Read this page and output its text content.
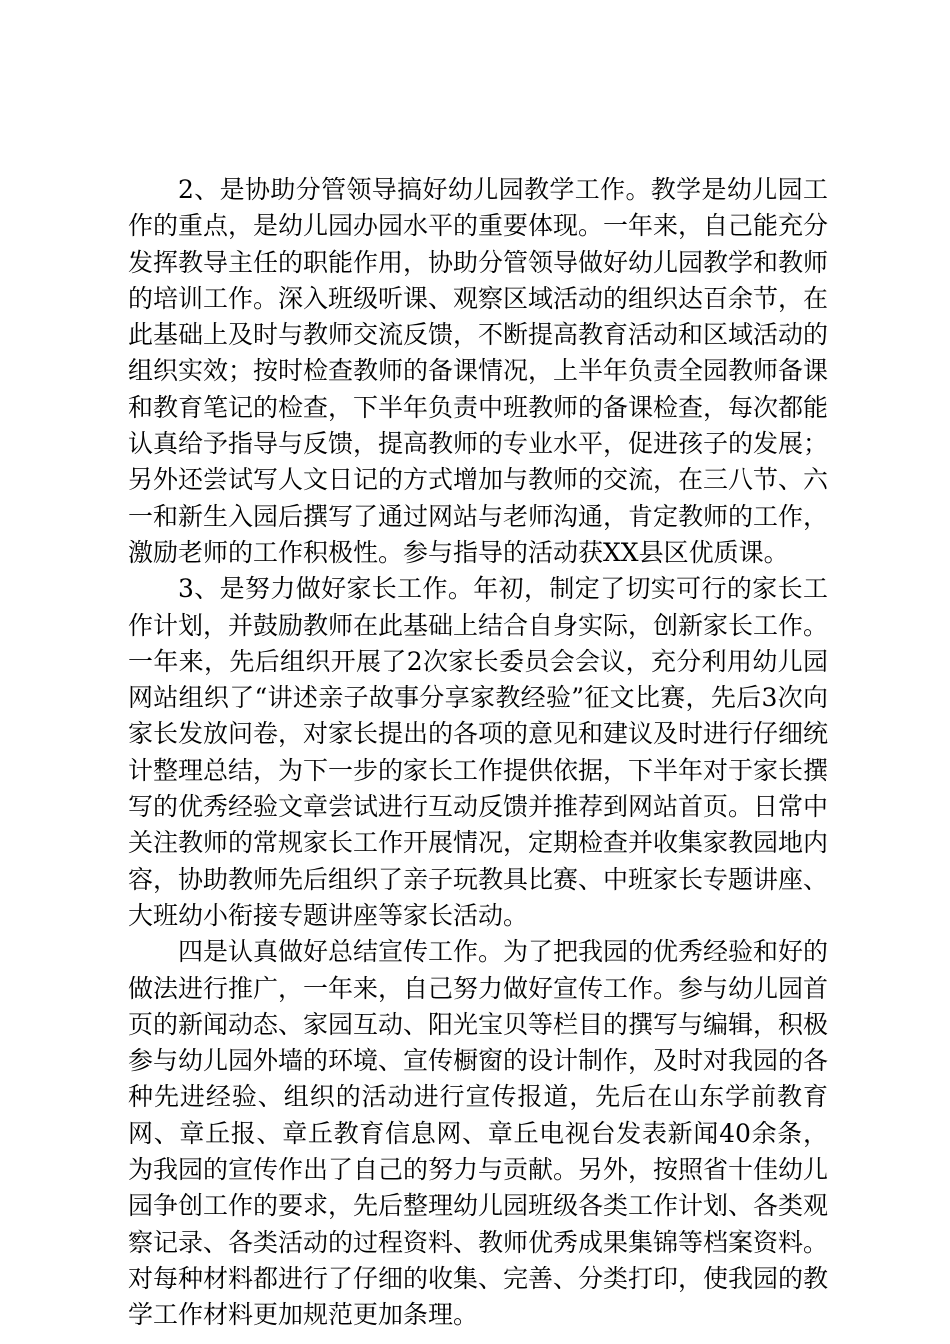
2、是协助分管领导搞好幼儿园教学工作。教学是幼儿园工作的重点，是幼儿园办园水平的重要体现。一年来，自己能充分发挥教导主任的职能作用，协助分管领导做好幼儿园教学和教师的培训工作。深入班级听课、观察区域活动的组织达百余节，在此基础上及时与教师交流反馈，不断提高教育活动和区域活动的组织实效；按时检查教师的备课情况，上半年负责全园教师备课和教育笔记的检查，下半年负责中班教师的备课检查，每次都能认真给予指导与反馈，提高教师的专业水平，促进孩子的发展；另外还尝试写人文日记的方式增加与教师的交流，在三八节、六一和新生入园后撰写了通过网站与老师沟通，肯定教师的工作，激励老师的工作积极性。参与指导的活动获XX县区优质课。

3、是努力做好家长工作。年初，制定了切实可行的家长工作计划，并鼓励教师在此基础上结合自身实际，创新家长工作。一年来，先后组织开展了2次家长委员会会议，充分利用幼儿园网站组织了“讲述亲子故事分享家教经验”征文比赛，先后3次向家长发放问卷，对家长提出的各项的意见和建议及时进行仔细统计整理总结，为下一步的家长工作提供依据，下半年对于家长撰写的优秀经验文章尝试进行互动反馈并推荐到网站首页。日常中关注教师的常规家长工作开展情况，定期检查并收集家教园地内容，协助教师先后组织了亲子玩教具比赛、中班家长专题讲座、大班幼小衔接专题讲座等家长活动。

四是认真做好总结宣传工作。为了把我园的优秀经验和好的做法进行推广，一年来，自己努力做好宣传工作。参与幼儿园首页的新闻动态、家园互动、阳光宝贝等栏目的撰写与编辑，积极参与幼儿园外墙的环境、宣传橱窗的设计制作，及时对我园的各种先进经验、组织的活动进行宣传报道，先后在山东学前教育网、章丘报、章丘教育信息网、章丘电视台发表新闻40余条，为我园的宣传作出了自己的努力与贡献。另外，按照省十佳幼儿园争创工作的要求，先后整理幼儿园班级各类工作计划、各类观察记录、各类活动的过程资料、教师优秀成果集锦等档案资料。对每种材料都进行了仔细的收集、完善、分类打印，使我园的教学工作材料更加规范更加条理。
